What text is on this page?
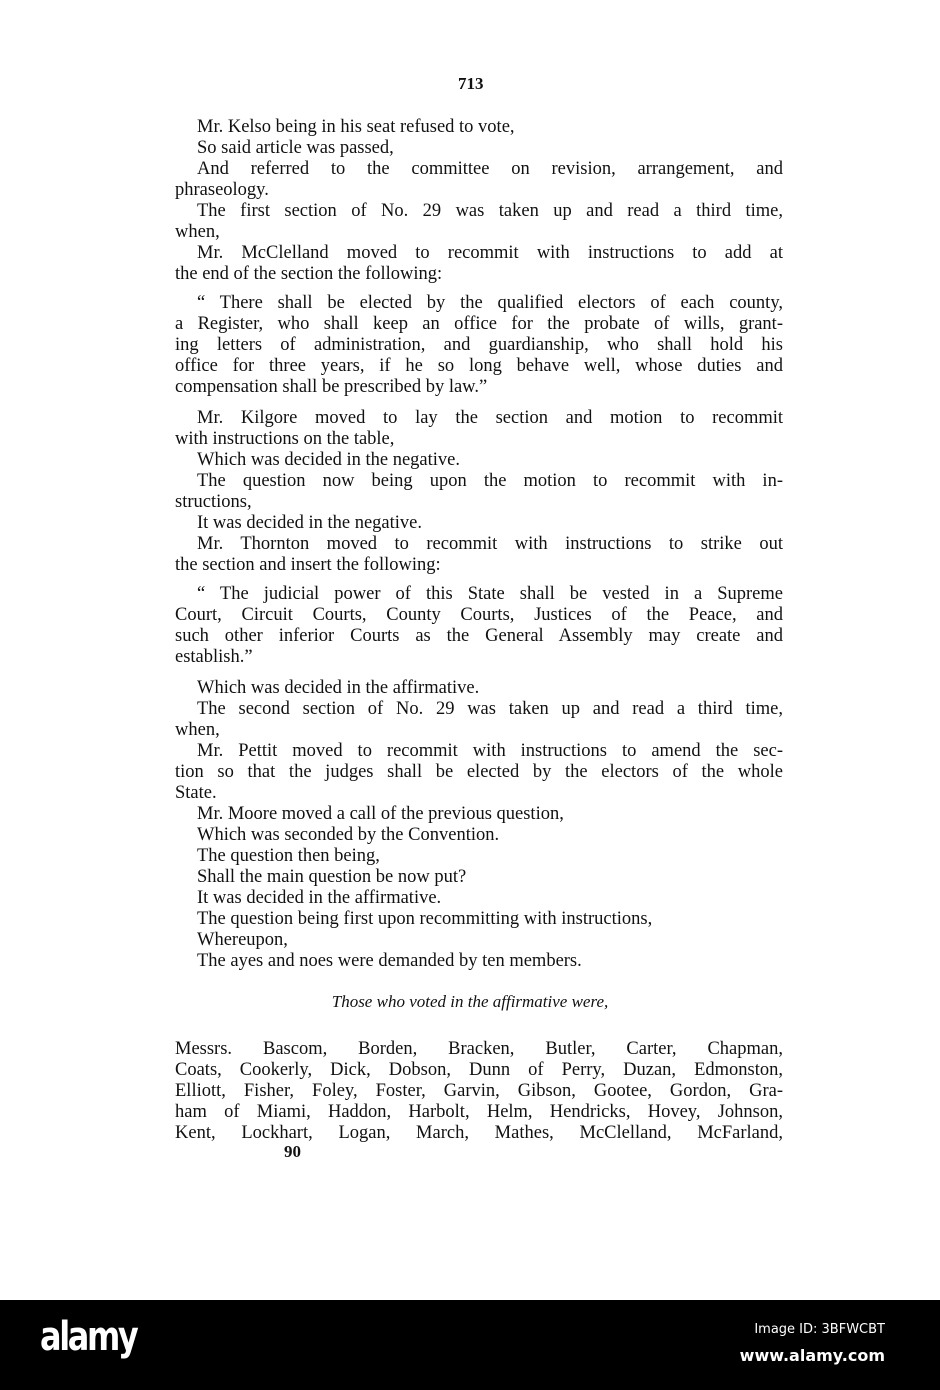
713
Mr. Kelso being in his seat refused to vote,
So said article was passed,
And referred to the committee on revision, arrangement, and
phraseology.
The first section of No. 29 was taken up and read a third time,
when,
Mr. McClelland moved to recommit with instructions to add at
the end of the section the following:
“ There shall be elected by the qualified electors of each county,
a Register, who shall keep an office for the probate of wills, grant-
ing letters of administration, and guardianship, who shall hold his
office for three years, if he so long behave well, whose duties and
compensation shall be prescribed by law.”
Mr. Kilgore moved to lay the section and motion to recommit
with instructions on the table,
Which was decided in the negative.
The question now being upon the motion to recommit with in-
structions,
It was decided in the negative.
Mr. Thornton moved to recommit with instructions to strike out
the section and insert the following:
“ The judicial power of this State shall be vested in a Supreme
Court, Circuit Courts, County Courts, Justices of the Peace, and
such other inferior Courts as the General Assembly may create and
establish.”
Which was decided in the affirmative.
The second section of No. 29 was taken up and read a third time,
when,
Mr. Pettit moved to recommit with instructions to amend the sec-
tion so that the judges shall be elected by the electors of the whole
State.
Mr. Moore moved a call of the previous question,
Which was seconded by the Convention.
The question then being,
Shall the main question be now put?
It was decided in the affirmative.
The question being first upon recommitting with instructions,
Whereupon,
The ayes and noes were demanded by ten members.
Messrs. Bascom, Borden, Bracken, Butler, Carter, Chapman,
Coats, Cookerly, Dick, Dobson, Dunn of Perry, Duzan, Edmonston,
Elliott, Fisher, Foley, Foster, Garvin, Gibson, Gootee, Gordon, Gra-
ham of Miami, Haddon, Harbolt, Helm, Hendricks, Hovey, Johnson,
Kent, Lockhart, Logan, March, Mathes, McClelland, McFarland,
Those who voted in the affirmative were,
90
alamy	Image ID: 3BFWCBT
www.alamy.com
